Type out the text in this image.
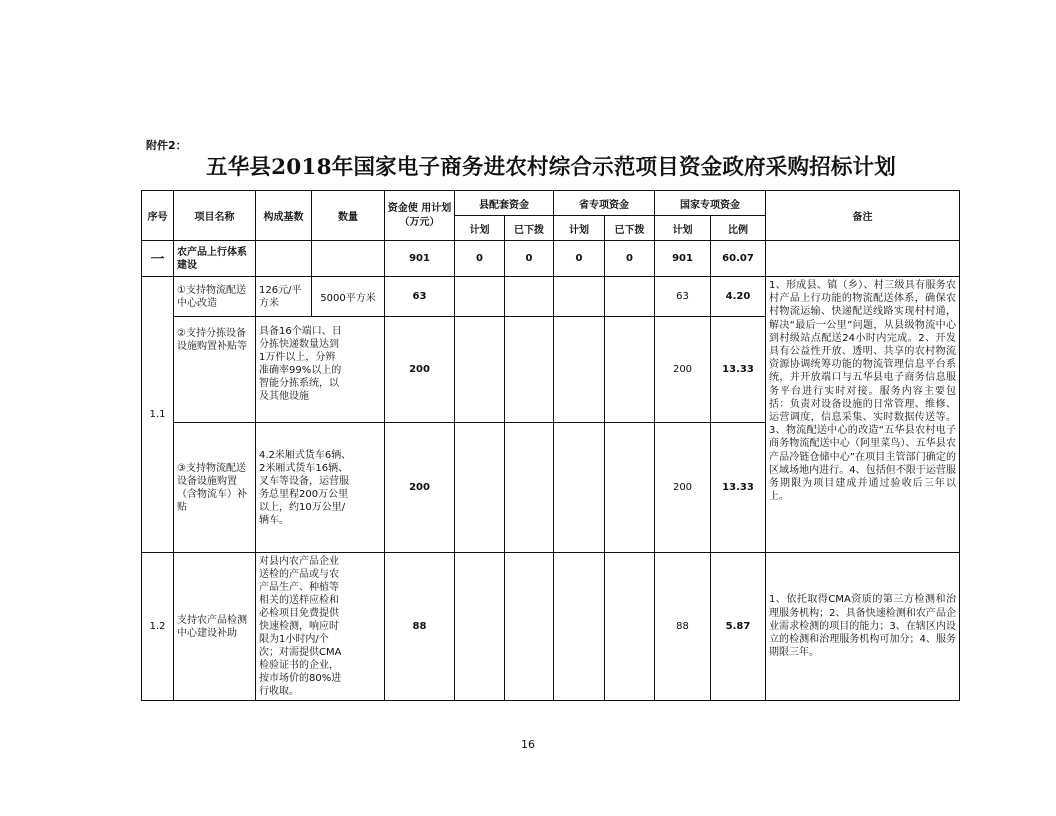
附件2：
五华县2018年国家电子商务进农村综合示范项目资金政府采购招标计划
序号	项目名称	构成基数	数量	资金使 用计划（万元）	县配套资金		省专项资金		国家专项资金		备注
					计划	已下拨	计划	已下拨	计划	比例	
一	农产品上行体系建设			901	0	0	0	0	901	60.07	
1.1	①支持物流配送中心改造	126元/平方米	5000平方米	63					63	4.20	1、形成县、镇（乡）、村三级具有服务农村产品上行功能的物流配送体系，确保农村物流运输、快递配送线路实现村村通，解决“最后一公里”问题，从县级物流中心到村级站点配送24小时内完成。2、开发具有公益性开放、透明、共享的农村物流资源协调统筹功能的物流管理信息平台系统，并开放端口与五华县电子商务信息服务平台进行实时对接。服务内容主要包括：负责对设备设施的日常管理、维修、运营调度，信息采集、实时数据传送等。3、物流配送中心的改造“五华县农村电子商务物流配送中心（阿里菜鸟）、五华县农产品冷链仓储中心”在项目主管部门确定的区域场地内进行。4、包括但不限于运营服务期限为项目建成并通过验收后三年以上。
	②支持分拣设备设施购置补贴等	具备16个端口、日分拣快递数量达到1万件以上，分辨准确率99%以上的智能分拣系统，以及其他设施		200					200	13.33	
	③支持物流配送设备设施购置（含物流车）补贴	4.2米厢式货车6辆、2米厢式货车16辆、叉车等设备，运营服务总里程200万公里以上，约10万公里/辆车。		200					200	13.33	
1.2	支持农产品检测中心建设补助	对县内农产品企业送检的产品或与农产品生产、种植等相关的送样应检和必检项目免费提供快速检测，响应时限为1小时内/个次；对需提供CMA检验证书的企业，按市场价的80%进行收取。		88					88	5.87	1、依托取得CMA资质的第三方检测和治理服务机构；2、具备快速检测和农产品企业需求检测的项目的能力；3、在辖区内设立的检测和治理服务机构可加分；4、服务期限三年。
16
